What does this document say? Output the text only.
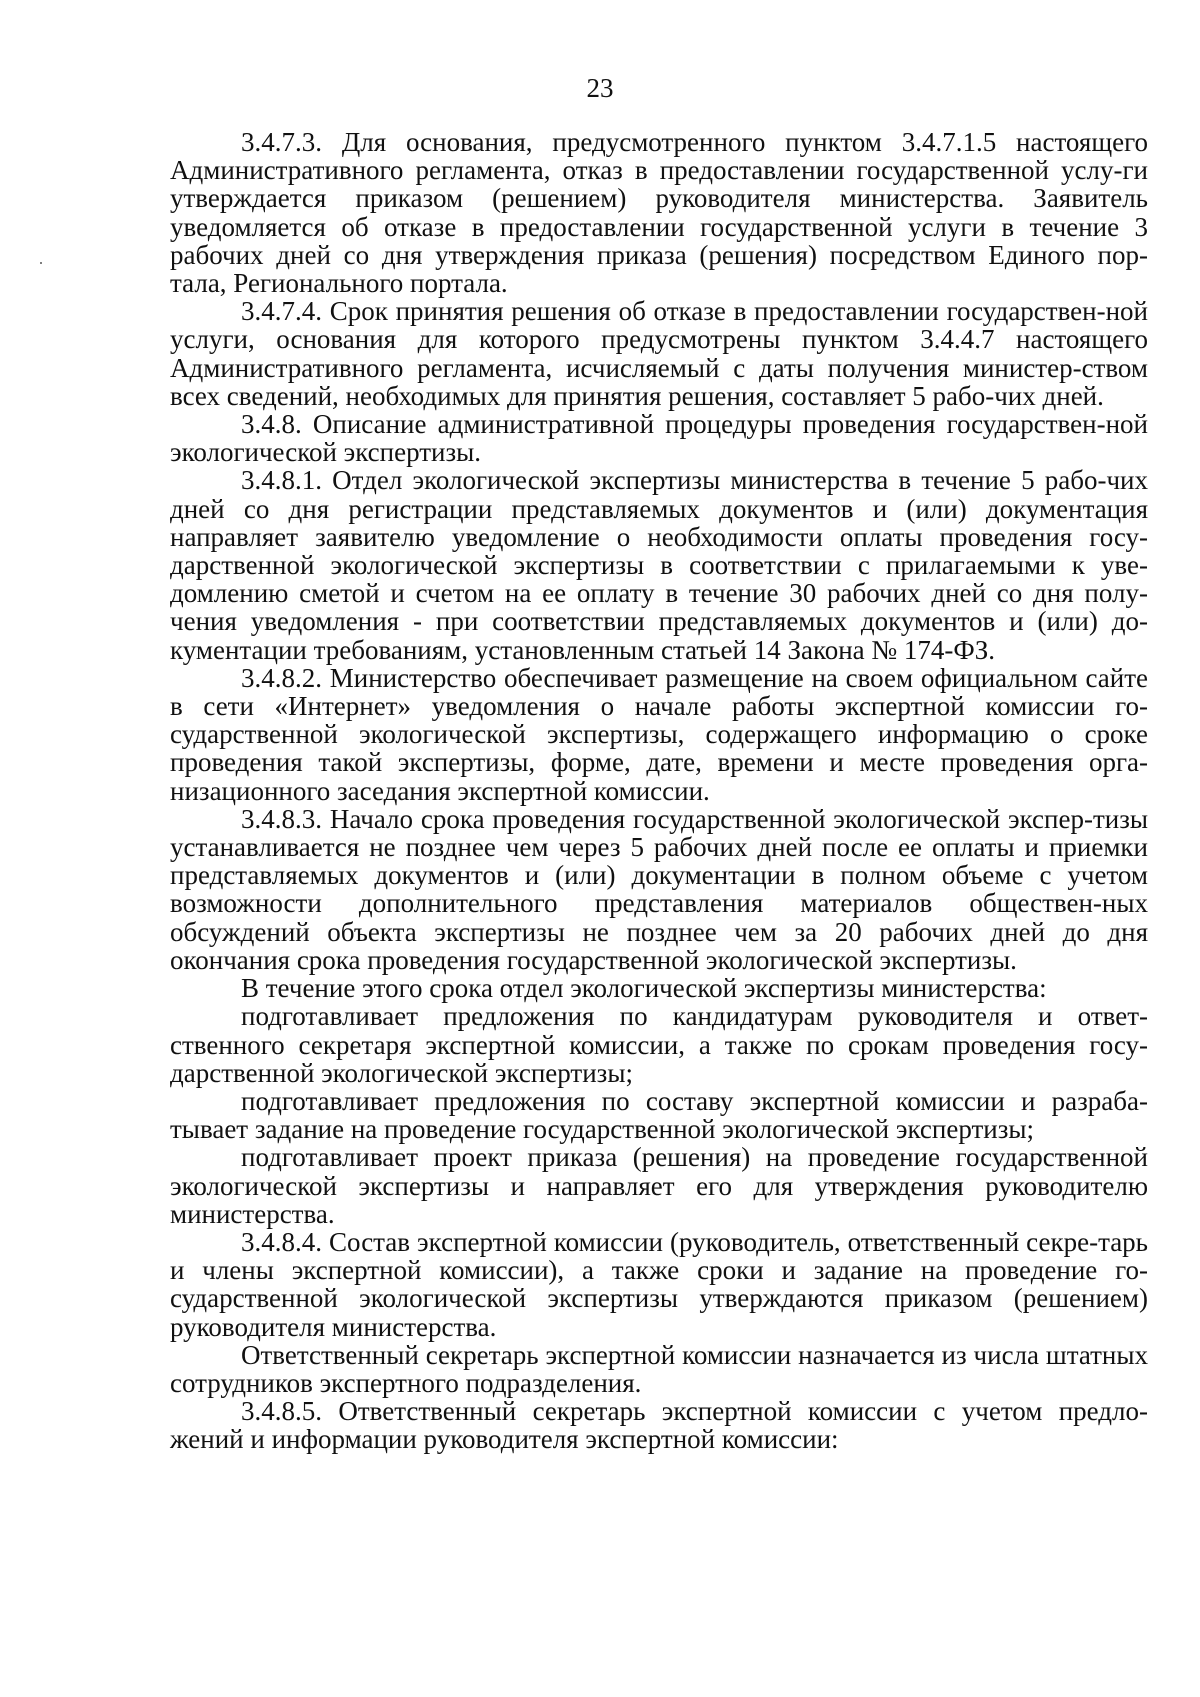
23

3.4.7.3. Для основания, предусмотренного пунктом 3.4.7.1.5 настоящего Административного регламента, отказ в предоставлении государственной услу-ги утверждается приказом (решением) руководителя министерства. Заявитель уведомляется об отказе в предоставлении государственной услуги в течение 3 рабочих дней со дня утверждения приказа (решения) посредством Единого пор-тала, Регионального портала.

3.4.7.4. Срок принятия решения об отказе в предоставлении государствен-ной услуги, основания для которого предусмотрены пунктом 3.4.4.7 настоящего Административного регламента, исчисляемый с даты получения министер-ством всех сведений, необходимых для принятия решения, составляет 5 рабо-чих дней.

3.4.8. Описание административной процедуры проведения государствен-ной экологической экспертизы.

3.4.8.1. Отдел экологической экспертизы министерства в течение 5 рабо-чих дней со дня регистрации представляемых документов и (или) документация направляет заявителю уведомление о необходимости оплаты проведения госу-дарственной экологической экспертизы в соответствии с прилагаемыми к уве-домлению сметой и счетом на ее оплату в течение 30 рабочих дней со дня полу-чения уведомления - при соответствии представляемых документов и (или) до-кументации требованиям, установленным статьей 14 Закона № 174-ФЗ.

3.4.8.2. Министерство обеспечивает размещение на своем официальном сайте в сети «Интернет» уведомления о начале работы экспертной комиссии го-сударственной экологической экспертизы, содержащего информацию о сроке проведения такой экспертизы, форме, дате, времени и месте проведения орга-низационного заседания экспертной комиссии.

3.4.8.3. Начало срока проведения государственной экологической экспер-тизы устанавливается не позднее чем через 5 рабочих дней после ее оплаты и приемки представляемых документов и (или) документации в полном объеме с учетом возможности дополнительного представления материалов обществен-ных обсуждений объекта экспертизы не позднее чем за 20 рабочих дней до дня окончания срока проведения государственной экологической экспертизы.

В течение этого срока отдел экологической экспертизы министерства:

подготавливает предложения по кандидатурам руководителя и ответ-ственного секретаря экспертной комиссии, а также по срокам проведения госу-дарственной экологической экспертизы;

подготавливает предложения по составу экспертной комиссии и разраба-тывает задание на проведение государственной экологической экспертизы;

подготавливает проект приказа (решения) на проведение государственной экологической экспертизы и направляет его для утверждения руководителю министерства.

3.4.8.4. Состав экспертной комиссии (руководитель, ответственный секре-тарь и члены экспертной комиссии), а также сроки и задание на проведение го-сударственной экологической экспертизы утверждаются приказом (решением) руководителя министерства.

Ответственный секретарь экспертной комиссии назначается из числа штатных сотрудников экспертного подразделения.

3.4.8.5. Ответственный секретарь экспертной комиссии с учетом предло-жений и информации руководителя экспертной комиссии:
